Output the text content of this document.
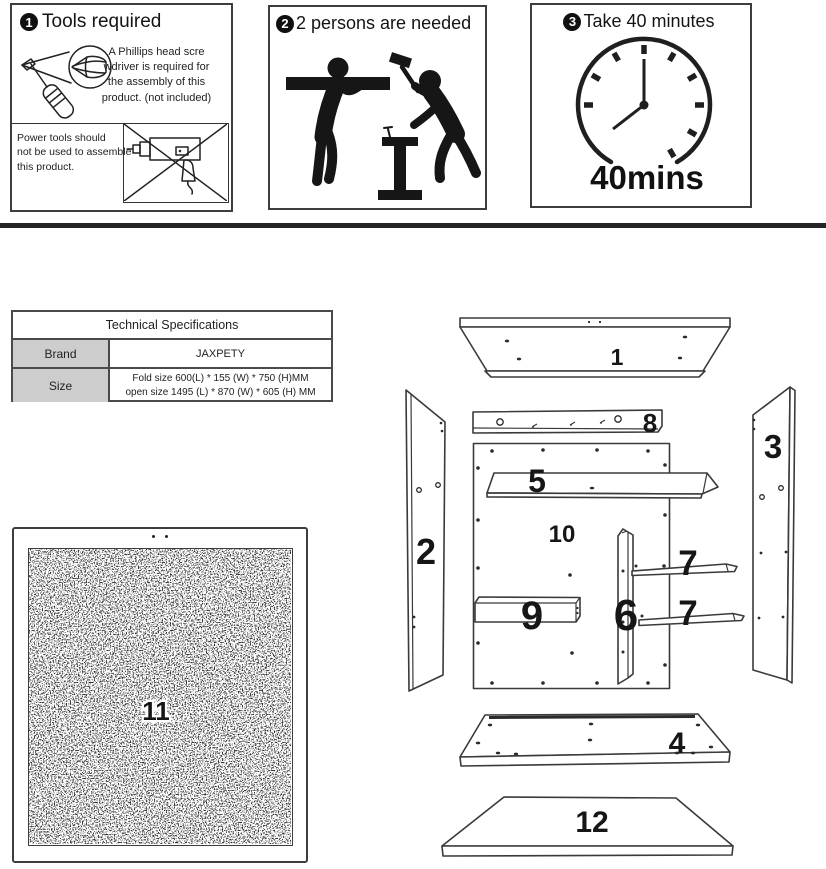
1 Tools required
A Phillips head scre
wdriver is required for
the assembly of this
product. (not included)
Power tools should
not be used to assemble
this product.
2 2 persons are needed	3 Take 40 minutes
40mins
Technical Specifications
Brand	JAXPETY
Size	Fold size 600(L) * 155 (W) * 750 (H)MM
open size 1495 (L) * 870 (W) * 605 (H) MM
11
1
8
10
5
6
7
7
9
2
3
4
12
